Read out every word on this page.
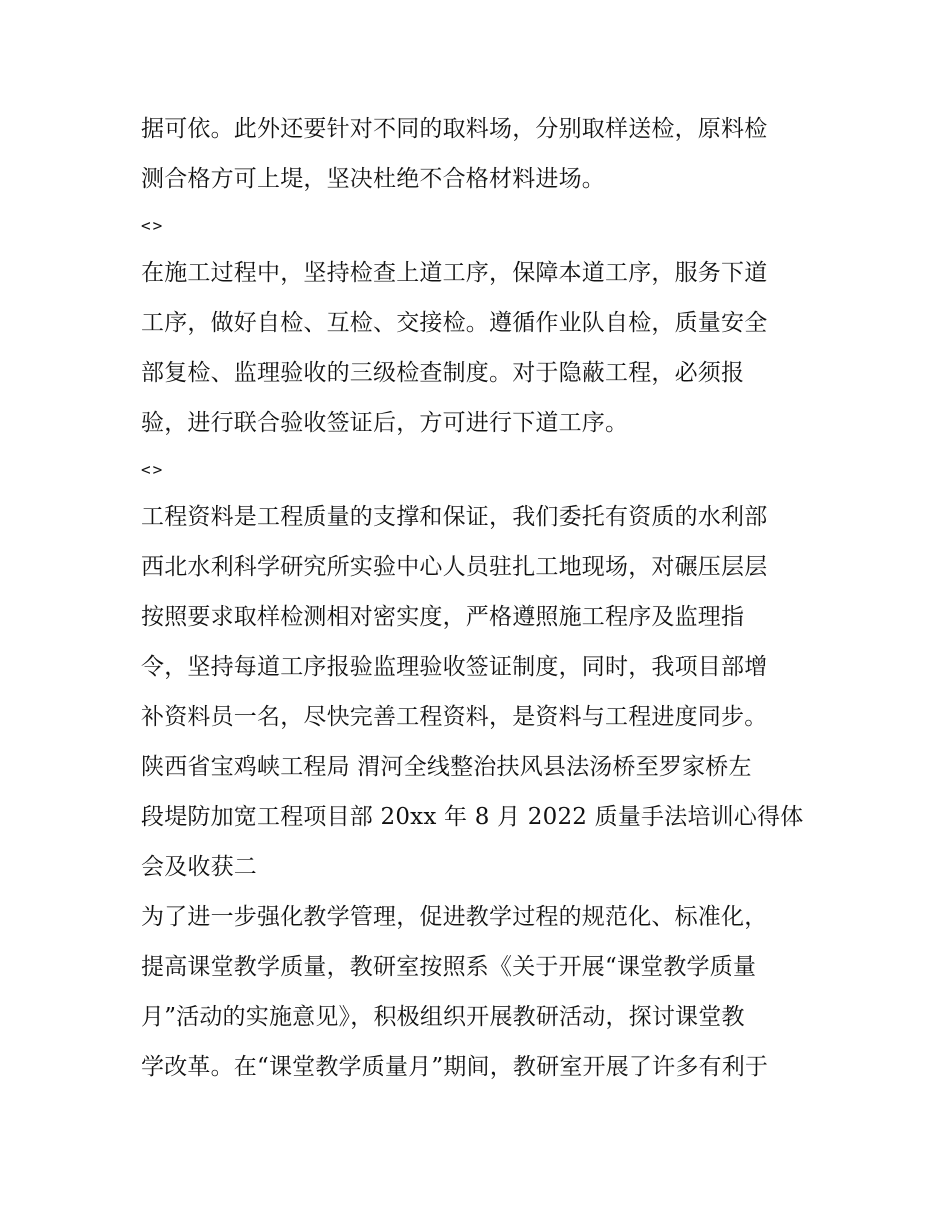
据可依。此外还要针对不同的取料场，分别取样送检，原料检
测合格方可上堤，坚决杜绝不合格材料进场。
<>
在施工过程中，坚持检查上道工序，保障本道工序，服务下道
工序，做好自检、互检、交接检。遵循作业队自检，质量安全
部复检、监理验收的三级检查制度。对于隐蔽工程，必须报
验，进行联合验收签证后，方可进行下道工序。
<>
工程资料是工程质量的支撑和保证，我们委托有资质的水利部
西北水利科学研究所实验中心人员驻扎工地现场，对碾压层层
按照要求取样检测相对密实度，严格遵照施工程序及监理指
令，坚持每道工序报验监理验收签证制度，同时，我项目部增
补资料员一名，尽快完善工程资料，是资料与工程进度同步。
陕西省宝鸡峡工程局 渭河全线整治扶风县法汤桥至罗家桥左
段堤防加宽工程项目部 20xx 年 8 月 2022 质量手法培训心得体
会及收获二
为了进一步强化教学管理，促进教学过程的规范化、标准化，
提高课堂教学质量，教研室按照系《关于开展“课堂教学质量
月”活动的实施意见》，积极组织开展教研活动，探讨课堂教
学改革。在“课堂教学质量月”期间，教研室开展了许多有利于
